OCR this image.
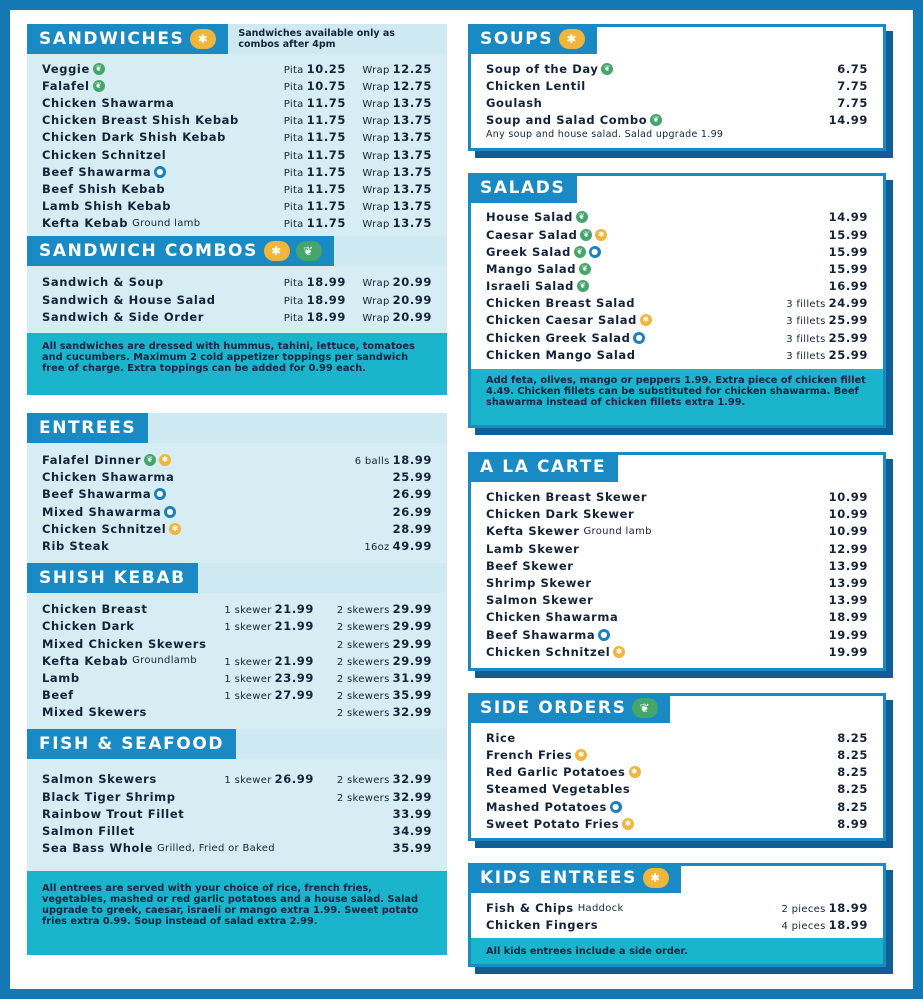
SANDWICHES	✱	Sandwiches available only as combos after 4pm
Veggie ❦	Pita 10.25	Wrap 12.25
Falafel ❦	Pita 10.75	Wrap 12.75
Chicken Shawarma	Pita 11.75	Wrap 13.75
Chicken Breast Shish Kebab	Pita 11.75	Wrap 13.75
Chicken Dark Shish Kebab	Pita 11.75	Wrap 13.75
Chicken Schnitzel	Pita 11.75	Wrap 13.75
Beef Shawarma ●	Pita 11.75	Wrap 13.75
Beef Shish Kebab	Pita 11.75	Wrap 13.75
Lamb Shish Kebab	Pita 11.75	Wrap 13.75
Kefta Kebab Ground lamb	Pita 11.75	Wrap 13.75
SANDWICH COMBOS	✱	❦
Sandwich & Soup	Pita 18.99	Wrap 20.99
Sandwich & House Salad	Pita 18.99	Wrap 20.99
Sandwich & Side Order	Pita 18.99	Wrap 20.99
All sandwiches are dressed with hummus, tahini, lettuce, tomatoes and cucumbers. Maximum 2 cold appetizer toppings per sandwich free of charge. Extra toppings can be added for 0.99 each.
ENTREES
Falafel Dinner ❦ ✱	6 balls 18.99
Chicken Shawarma	25.99
Beef Shawarma ●	26.99
Mixed Shawarma ●	26.99
Chicken Schnitzel ✱	28.99
Rib Steak	16oz 49.99
SHISH KEBAB
Chicken Breast	1 skewer 21.99	2 skewers 29.99
Chicken Dark	1 skewer 21.99	2 skewers 29.99
Mixed Chicken Skewers	2 skewers 29.99
Kefta Kebab Groundlamb	1 skewer 21.99	2 skewers 29.99
Lamb	1 skewer 23.99	2 skewers 31.99
Beef	1 skewer 27.99	2 skewers 35.99
Mixed Skewers	2 skewers 32.99
FISH & SEAFOOD
Salmon Skewers	1 skewer 26.99	2 skewers 32.99
Black Tiger Shrimp	2 skewers 32.99
Rainbow Trout Fillet	33.99
Salmon Fillet	34.99
Sea Bass Whole Grilled, Fried or Baked	35.99
All entrees are served with your choice of rice, french fries, vegetables, mashed or red garlic potatoes and a house salad. Salad upgrade to greek, caesar, israeli or mango extra 1.99. Sweet potato fries extra 0.99. Soup instead of salad extra 2.99.
SOUPS	✱
Soup of the Day ❦	6.75
Chicken Lentil	7.75
Goulash	7.75
Soup and Salad Combo ❦	14.99
Any soup and house salad. Salad upgrade 1.99
SALADS
House Salad ❦	14.99
Caesar Salad ❦ ✱	15.99
Greek Salad ❦ ●	15.99
Mango Salad ❦	15.99
Israeli Salad ❦	16.99
Chicken Breast Salad	3 fillets 24.99
Chicken Caesar Salad ✱	3 fillets 25.99
Chicken Greek Salad ●	3 fillets 25.99
Chicken Mango Salad	3 fillets 25.99
Add feta, olives, mango or peppers 1.99. Extra piece of chicken fillet 4.49. Chicken fillets can be substituted for chicken shawarma. Beef shawarma instead of chicken fillets extra 1.99.
A LA CARTE
Chicken Breast Skewer	10.99
Chicken Dark Skewer	10.99
Kefta Skewer Ground lamb	10.99
Lamb Skewer	12.99
Beef Skewer	13.99
Shrimp Skewer	13.99
Salmon Skewer	13.99
Chicken Shawarma	18.99
Beef Shawarma ●	19.99
Chicken Schnitzel ✱	19.99
SIDE ORDERS	❦
Rice	8.25
French Fries ✱	8.25
Red Garlic Potatoes ✱	8.25
Steamed Vegetables	8.25
Mashed Potatoes ●	8.25
Sweet Potato Fries ✱	8.99
KIDS ENTREES	✱
Fish & Chips Haddock	2 pieces 18.99
Chicken Fingers	4 pieces 18.99
All kids entrees include a side order.
